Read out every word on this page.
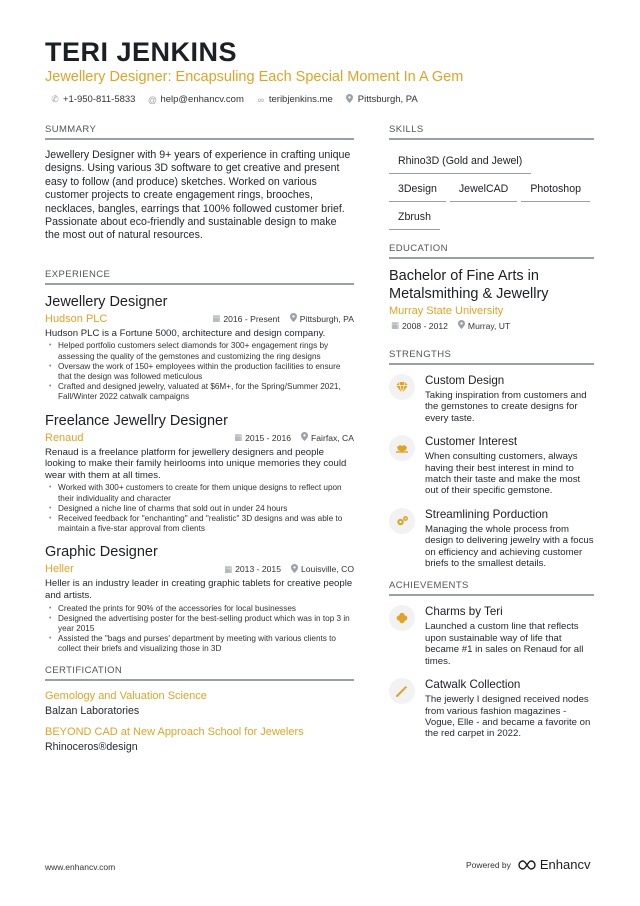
TERI JENKINS
Jewellery Designer: Encapsuling Each Special Moment In A Gem
✆ +1-950-811-5833 @ help@enhancv.com ∞ teribjenkins.me	Pittsburgh, PA
SUMMARY
Jewellery Designer with 9+ years of experience in crafting unique designs. Using various 3D software to get creative and present easy to follow (and produce) sketches. Worked on various customer projects to create engagement rings, brooches, necklaces, bangles, earrings that 100% followed customer brief. Passionate about eco-friendly and sustainable design to make the most out of natural resources.
EXPERIENCE
Jewellery Designer
Hudson PLC	▦ 2016 - Present Pittsburgh, PA
Hudson PLC is a Fortune 5000, architecture and design company.
• Helped portfolio customers select diamonds for 300+ engagement rings by assessing the quality of the gemstones and customizing the ring designs
• Oversaw the work of 150+ employees within the production facilities to ensure that the design was followed meticulous
• Crafted and designed jewelry, valuated at $6M+, for the Spring/Summer 2021, Fall/Winter 2022 catwalk campaigns
Freelance Jewellry Designer
Renaud	▦ 2015 - 2016 Fairfax, CA
Renaud is a freelance platform for jewellery designers and people looking to make their family heirlooms into unique memories they could wear with them at all times.
• Worked with 300+ customers to create for them unique designs to reflect upon their individuality and character
• Designed a niche line of charms that sold out in under 24 hours
• Received feedback for "enchanting" and "realistic" 3D designs and was able to maintain a five-star approval from clients
Graphic Designer
Heller	▦ 2013 - 2015 Louisville, CO
Heller is an industry leader in creating graphic tablets for creative people and artists.
• Created the prints for 90% of the accessories for local businesses
• Designed the advertising poster for the best-selling product which was in top 3 in year 2015
• Assisted the "bags and purses' department by meeting with various clients to collect their briefs and visualizing those in 3D
CERTIFICATION
Gemology and Valuation Science
Balzan Laboratories
BEYOND CAD at New Approach School for Jewelers
Rhinoceros®design
SKILLS
Rhino3D (Gold and Jewel)
3Design	JewelCAD	Photoshop
Zbrush
EDUCATION
Bachelor of Fine Arts in Metalsmithing & Jewellry
Murray State University
▦ 2008 - 2012 Murray, UT
STRENGTHS
Custom Design
Taking inspiration from customers and the gemstones to create designs for every taste.
Customer Interest
When consulting customers, always having their best interest in mind to match their taste and make the most out of their specific gemstone.
Streamlining Porduction
Managing the whole process from design to delivering jewelry with a focus on efficiency and achieving customer briefs to the smallest details.
ACHIEVEMENTS
Charms by Teri
Launched a custom line that reflects upon sustainable way of life that became #1 in sales on Renaud for all times.
Catwalk Collection
The jewerly I designed received nodes from various fashion magazines - Vogue, Elle - and became a favorite on the red carpet in 2022.
www.enhancv.com	Powered by Enhancv
